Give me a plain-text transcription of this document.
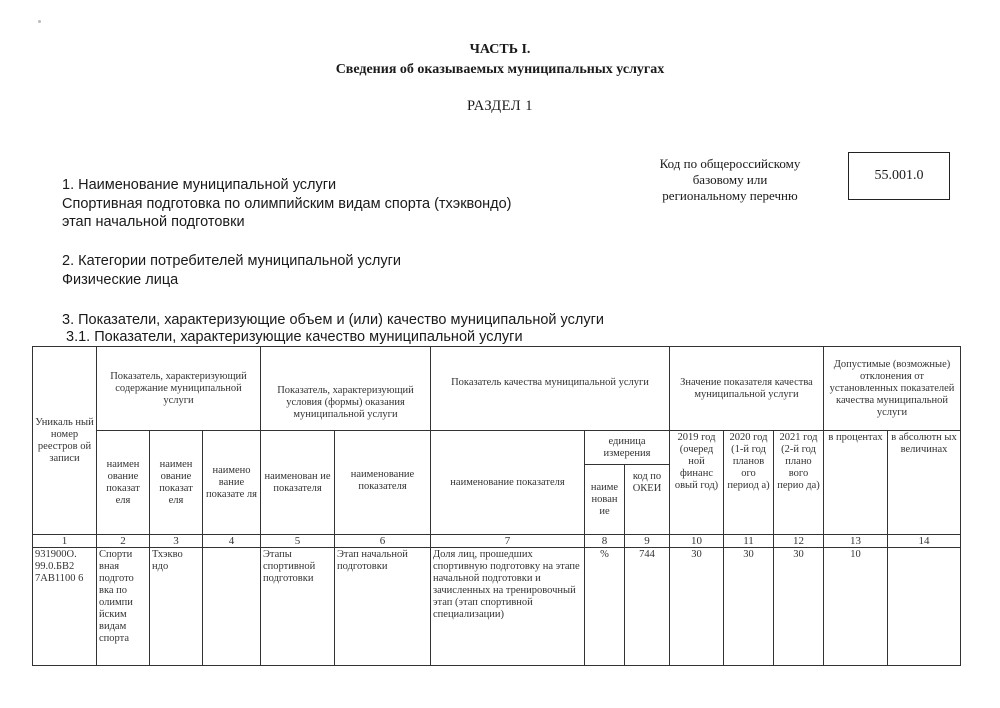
ЧАСТЬ I.
Сведения об оказываемых муниципальных услугах
РАЗДЕЛ 1
Код по общероссийскому
базовому или
региональному перечню
55.001.0
1. Наименование муниципальной услуги
Спортивная подготовка по олимпийским видам спорта (тхэквондо)
этап начальной подготовки
2. Категории потребителей муниципальной услуги
Физические лица
3. Показатели, характеризующие объем и (или) качество муниципальной услуги
3.1. Показатели, характеризующие качество муниципальной услуги
Уникаль ный номер реестров ой записи	Показатель, характеризующий содержание муниципальной услуги			Показатель, характеризующий условия (формы) оказания муниципальной услуги		Показатель качества муниципальной услуги			Значение показателя качества муниципальной услуги			Допустимые (возможные) отклонения от установленных показателей качества муниципальной услуги	
	наимен ование показат еля	наимен ование показат еля	наимено вание показате ля	наименован ие показателя	наименование показателя	наименование показателя	единица измерения		2019 год (очеред ной финанс овый год)	2020 год (1-й год планов ого период а)	2021 год (2-й год плано вого перио да)	в процентах	в абсолютн ых величинах
							наиме нован ие	код по ОКЕИ					
1	2	3	4	5	6	7	8	9	10	11	12	13	14
931900О. 99.0.БВ2 7АВ1100 6	Спорти вная подгото вка по олимпи йским видам спорта	Тхэкво ндо		Этапы спортивной подготовки	Этап начальной подготовки	Доля лиц, прошедших спортивную подготовку на этапе начальной подготовки и зачисленных на тренировочный этап (этап спортивной специализации)	%	744	30	30	30	10	
